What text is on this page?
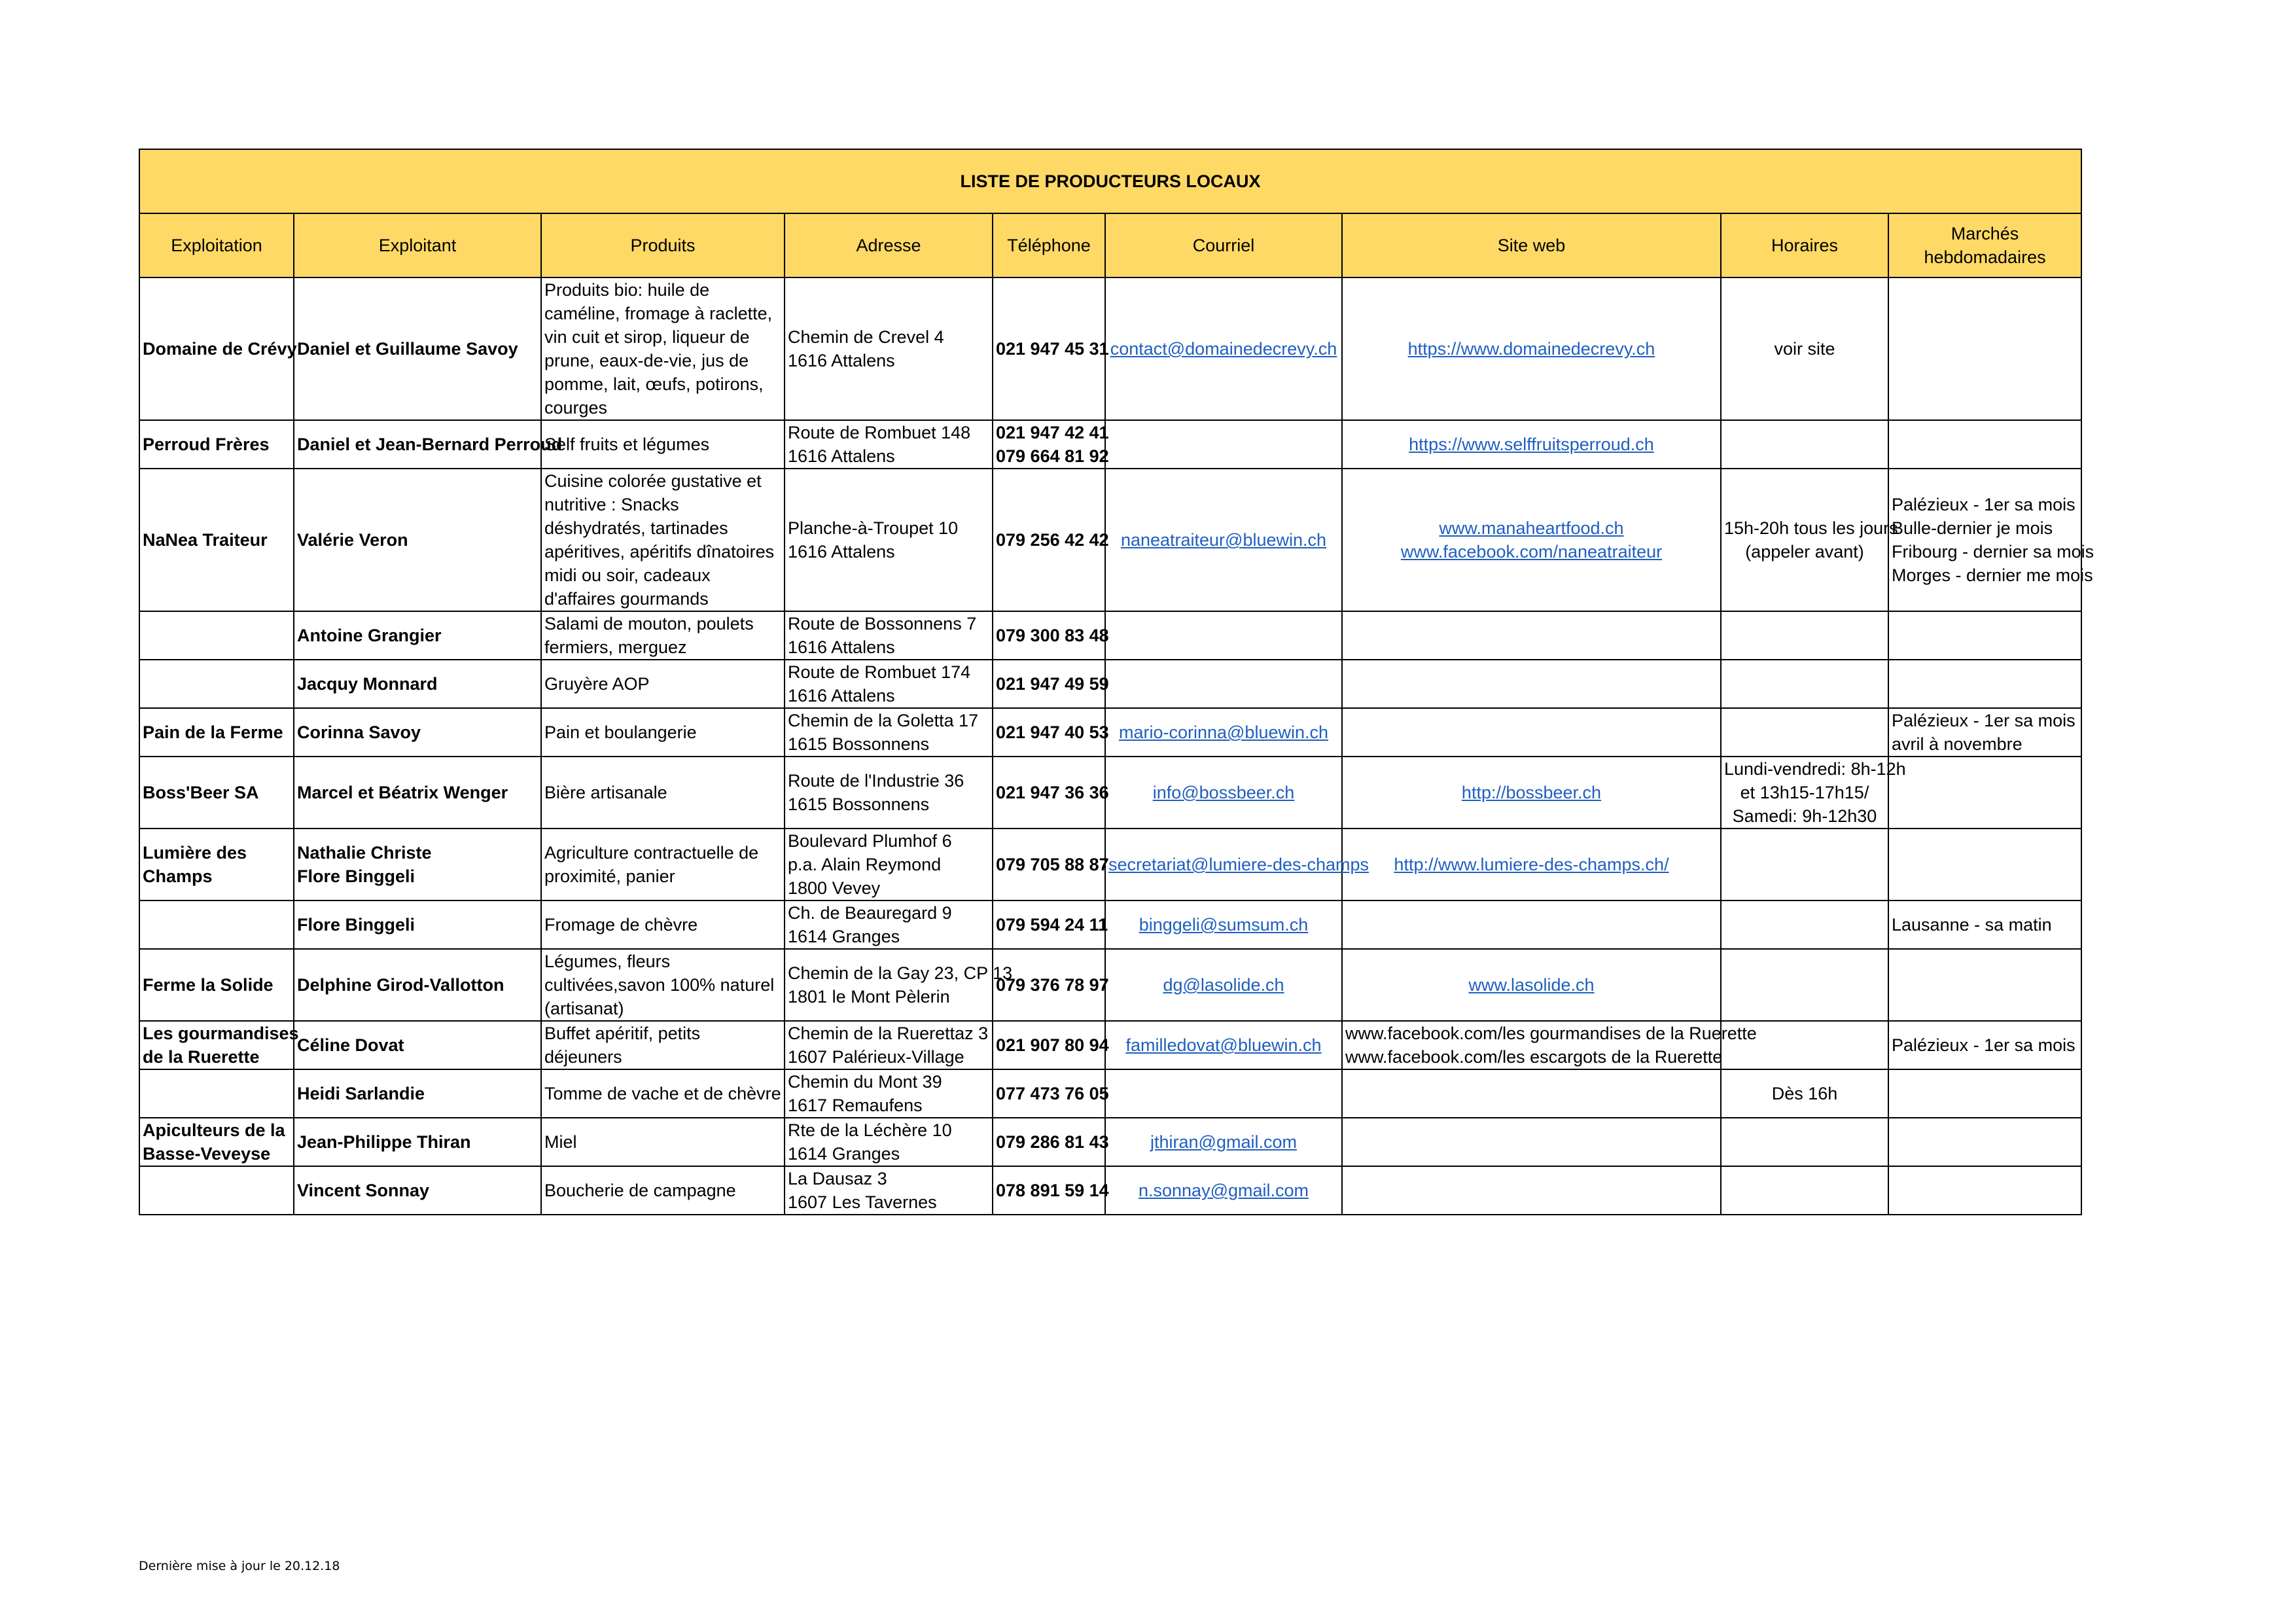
LISTE DE PRODUCTEURS LOCAUX								
Exploitation	Exploitant	Produits	Adresse	Téléphone	Courriel	Site web	Horaires	Marchés hebdomadaires

Domaine de Crévy	Daniel et Guillaume Savoy	Produits bio: huile de caméline, fromage à raclette, vin cuit et sirop, liqueur de prune, eaux-de-vie, jus de pomme, lait, œufs, potirons, courges	Chemin de Crevel 4
1616 Attalens	021 947 45 31	contact@domainedecrevy.ch	https://www.domainedecrevy.ch	voir site	

Perroud Frères	Daniel et Jean-Bernard Perroud	Self fruits et légumes	Route de Rombuet 148
1616 Attalens	021 947 42 41
079 664 81 92		https://www.selffruitsperroud.ch		

NaNea Traiteur	Valérie Veron	Cuisine colorée gustative et nutritive : Snacks déshydratés, tartinades apéritives, apéritifs dînatoires midi ou soir, cadeaux d'affaires gourmands	Planche-à-Troupet 10
1616 Attalens	079 256 42 42	naneatraiteur@bluewin.ch	www.manaheartfood.ch
www.facebook.com/naneatraiteur	15h-20h tous les jours
(appeler avant)	Palézieux - 1er sa mois
Bulle-dernier je mois
Fribourg - dernier sa mois
Morges - dernier me mois

	Antoine Grangier	Salami de mouton, poulets fermiers, merguez	Route de Bossonnens 7
1616 Attalens	079 300 83 48				

	Jacquy Monnard	Gruyère AOP	Route de Rombuet 174
1616 Attalens	021 947 49 59				

Pain de la Ferme	Corinna Savoy	Pain et boulangerie	Chemin de la Goletta 17
1615 Bossonnens	021 947 40 53	mario-corinna@bluewin.ch			Palézieux - 1er sa mois
avril à novembre

Boss'Beer SA	Marcel et Béatrix Wenger	Bière artisanale	Route de l'Industrie 36
1615 Bossonnens	021 947 36 36	info@bossbeer.ch	http://bossbeer.ch	Lundi-vendredi: 8h-12h
et 13h15-17h15/
Samedi: 9h-12h30	

Lumière des
Champs	Nathalie Christe
Flore Binggeli	Agriculture contractuelle de proximité, panier	Boulevard Plumhof 6
p.a. Alain Reymond
1800 Vevey	079 705 88 87	secretariat@lumiere-des-champs	http://www.lumiere-des-champs.ch/		

	Flore Binggeli	Fromage de chèvre	Ch. de Beauregard 9
1614 Granges	079 594 24 11	binggeli@sumsum.ch			Lausanne - sa matin

Ferme la Solide	Delphine Girod-Vallotton	Légumes, fleurs cultivées,savon 100% naturel (artisanat)	Chemin de la Gay 23, CP 13
1801 le Mont Pèlerin	079 376 78 97	dg@lasolide.ch	www.lasolide.ch		

Les gourmandises
de la Ruerette	Céline Dovat	Buffet apéritif, petits déjeuners	Chemin de la Ruerettaz 3
1607 Palérieux-Village	021 907 80 94	familledovat@bluewin.ch	www.facebook.com/les gourmandises de la Ruerette
www.facebook.com/les escargots de la Ruerette		Palézieux - 1er sa mois

	Heidi Sarlandie	Tomme de vache et de chèvre	Chemin du Mont 39
1617 Remaufens	077 473 76 05			Dès 16h	

Apiculteurs de la
Basse-Veveyse	Jean-Philippe Thiran	Miel	Rte de la Léchère 10
1614 Granges	079 286 81 43	jthiran@gmail.com			

	Vincent Sonnay	Boucherie de campagne	La Dausaz 3
1607 Les Tavernes	078 891 59 14	n.sonnay@gmail.com			

Dernière mise à jour le 20.12.18
